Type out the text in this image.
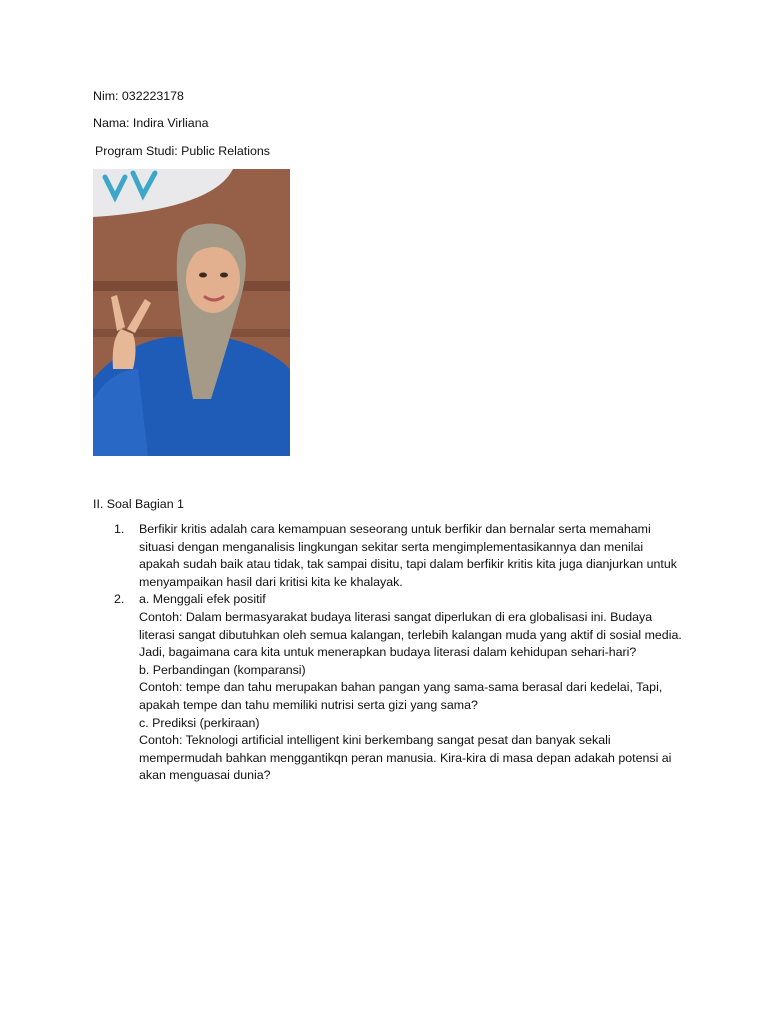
Nim: 032223178
Nama: Indira Virliana
Program Studi: Public Relations
II. Soal Bagian 1
1. Berfikir kritis adalah cara kemampuan seseorang untuk berfikir dan bernalar serta memahami situasi dengan menganalisis lingkungan sekitar serta mengimplementasikannya dan menilai apakah sudah baik atau tidak, tak sampai disitu, tapi dalam berfikir kritis kita juga dianjurkan untuk menyampaikan hasil dari kritisi kita ke khalayak.

2. a. Menggali efek positif

Contoh: Dalam bermasyarakat budaya literasi sangat diperlukan di era globalisasi ini. Budaya literasi sangat dibutuhkan oleh semua kalangan, terlebih kalangan muda yang aktif di sosial media. Jadi, bagaimana cara kita untuk menerapkan budaya literasi dalam kehidupan sehari-hari?

b. Perbandingan (komparansi)

Contoh: tempe dan tahu merupakan bahan pangan yang sama-sama berasal dari kedelai, Tapi, apakah tempe dan tahu memiliki nutrisi serta gizi yang sama?

c. Prediksi (perkiraan)

Contoh: Teknologi artificial intelligent kini berkembang sangat pesat dan banyak sekali mempermudah bahkan menggantikqn peran manusia. Kira-kira di masa depan adakah potensi ai akan menguasai dunia?
